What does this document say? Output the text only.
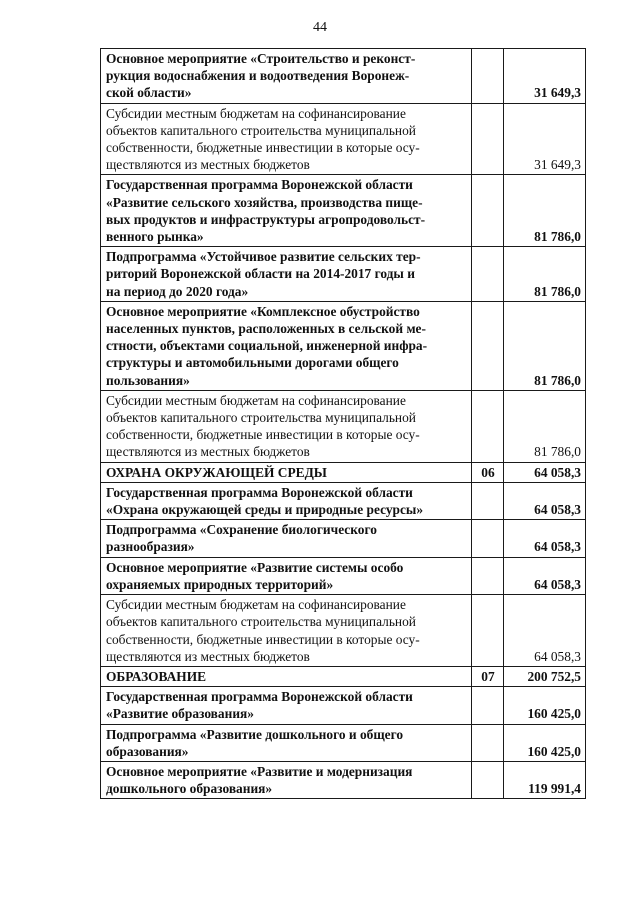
44
Основное мероприятие «Строительство и реконст-
рукция водоснабжения и водоотведения Воронеж-
ской области»		31 649,3
Субсидии местным бюджетам на софинансирование
объектов капитального строительства муниципальной
собственности, бюджетные инвестиции в которые осу-
ществляются из местных бюджетов		31 649,3
Государственная программа Воронежской области
«Развитие сельского хозяйства, производства пище-
вых продуктов и инфраструктуры агропродовольст-
венного рынка»		81 786,0
Подпрограмма «Устойчивое развитие сельских тер-
риторий Воронежской области на 2014-2017 годы и
на период до 2020 года»		81 786,0
Основное мероприятие «Комплексное обустройство
населенных пунктов, расположенных в сельской ме-
стности, объектами социальной, инженерной инфра-
структуры и автомобильными дорогами общего
пользования»		81 786,0
Субсидии местным бюджетам на софинансирование
объектов капитального строительства муниципальной
собственности, бюджетные инвестиции в которые осу-
ществляются из местных бюджетов		81 786,0
ОХРАНА ОКРУЖАЮЩЕЙ СРЕДЫ	06	64 058,3
Государственная программа Воронежской области
«Охрана окружающей среды и природные ресурсы»		64 058,3
Подпрограмма «Сохранение биологического
разнообразия»		64 058,3
Основное мероприятие «Развитие системы особо
охраняемых природных территорий»		64 058,3
Субсидии местным бюджетам на софинансирование
объектов капитального строительства муниципальной
собственности, бюджетные инвестиции в которые осу-
ществляются из местных бюджетов		64 058,3
ОБРАЗОВАНИЕ	07	200 752,5
Государственная программа Воронежской области
«Развитие образования»		160 425,0
Подпрограмма «Развитие дошкольного и общего
образования»		160 425,0
Основное мероприятие «Развитие и модернизация
дошкольного образования»		119 991,4
